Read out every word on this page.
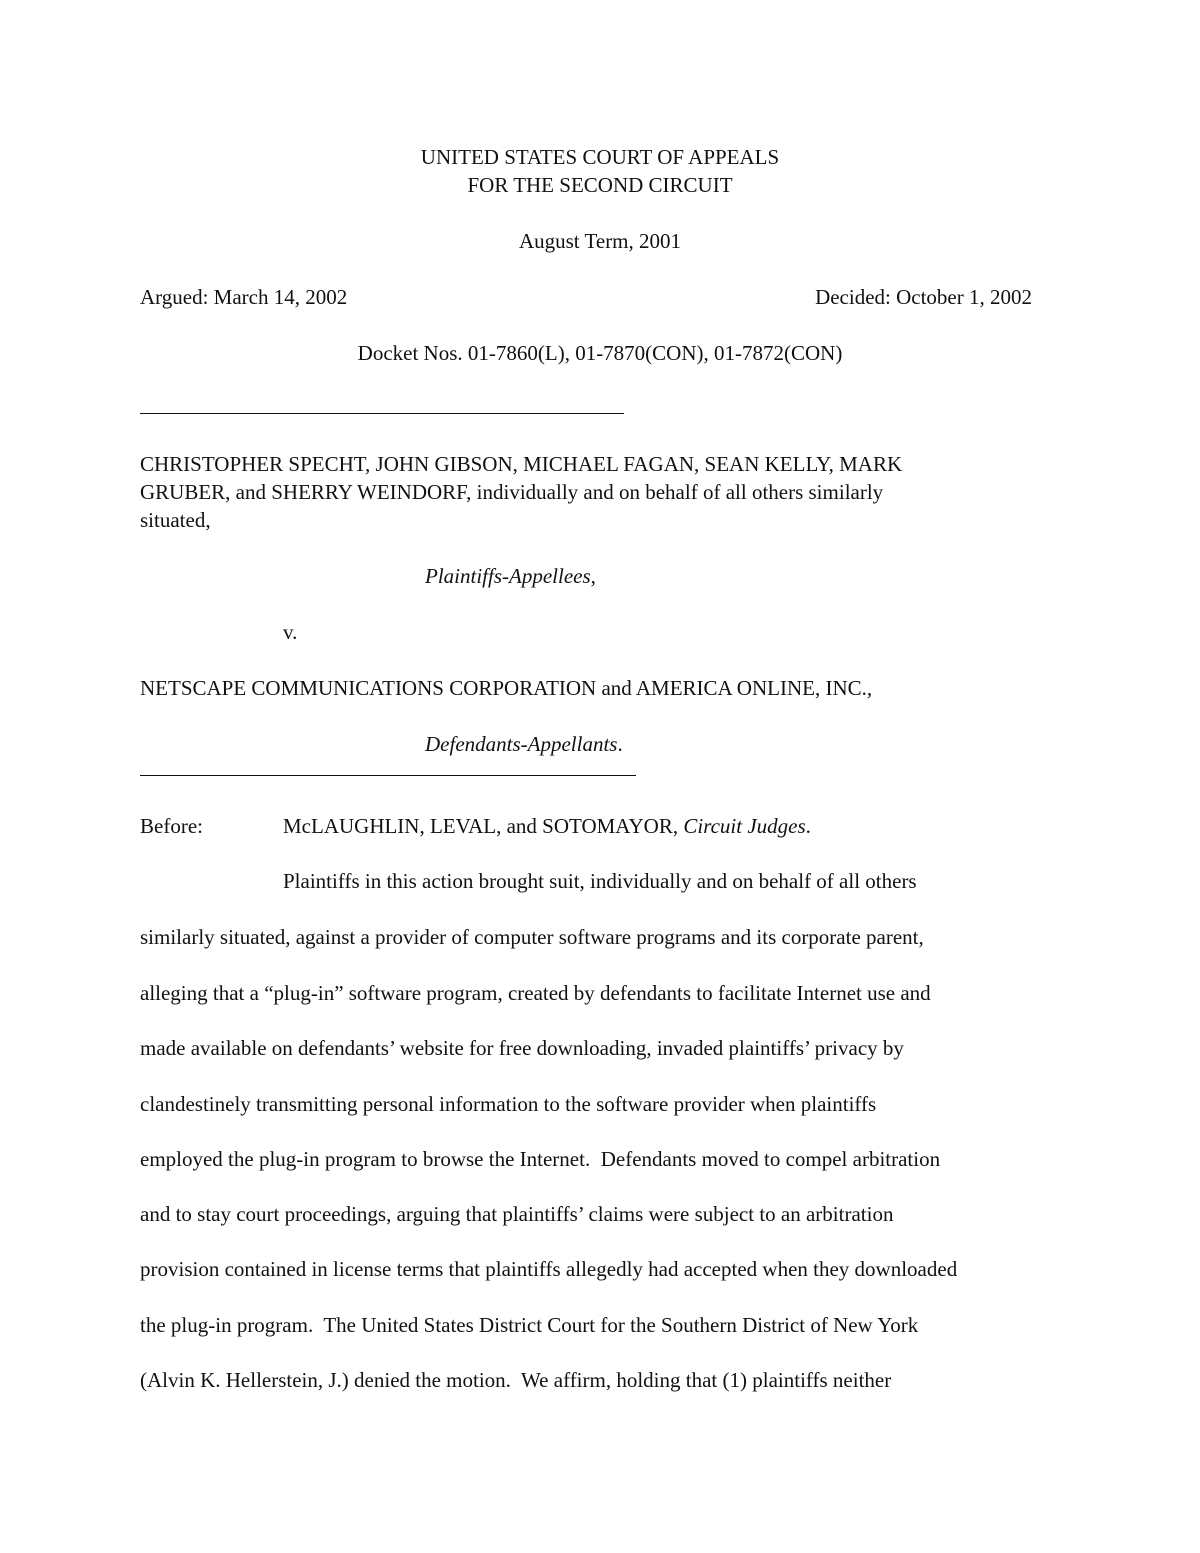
UNITED STATES COURT OF APPEALS
FOR THE SECOND CIRCUIT
August Term, 2001
Argued: March 14, 2002	Decided: October 1, 2002
Docket Nos. 01-7860(L), 01-7870(CON), 01-7872(CON)
CHRISTOPHER SPECHT, JOHN GIBSON, MICHAEL FAGAN, SEAN KELLY, MARK
GRUBER, and SHERRY WEINDORF, individually and on behalf of all others similarly
situated,
Plaintiffs-Appellees,
v.
NETSCAPE COMMUNICATIONS CORPORATION and AMERICA ONLINE, INC.,
Defendants-Appellants.
Before:	McLAUGHLIN, LEVAL, and SOTOMAYOR, Circuit Judges.
Plaintiffs in this action brought suit, individually and on behalf of all others
similarly situated, against a provider of computer software programs and its corporate parent,
alleging that a “plug-in” software program, created by defendants to facilitate Internet use and
made available on defendants’ website for free downloading, invaded plaintiffs’ privacy by
clandestinely transmitting personal information to the software provider when plaintiffs
employed the plug-in program to browse the Internet.  Defendants moved to compel arbitration
and to stay court proceedings, arguing that plaintiffs’ claims were subject to an arbitration
provision contained in license terms that plaintiffs allegedly had accepted when they downloaded
the plug-in program.  The United States District Court for the Southern District of New York
(Alvin K. Hellerstein, J.) denied the motion.  We affirm, holding that (1) plaintiffs neither
